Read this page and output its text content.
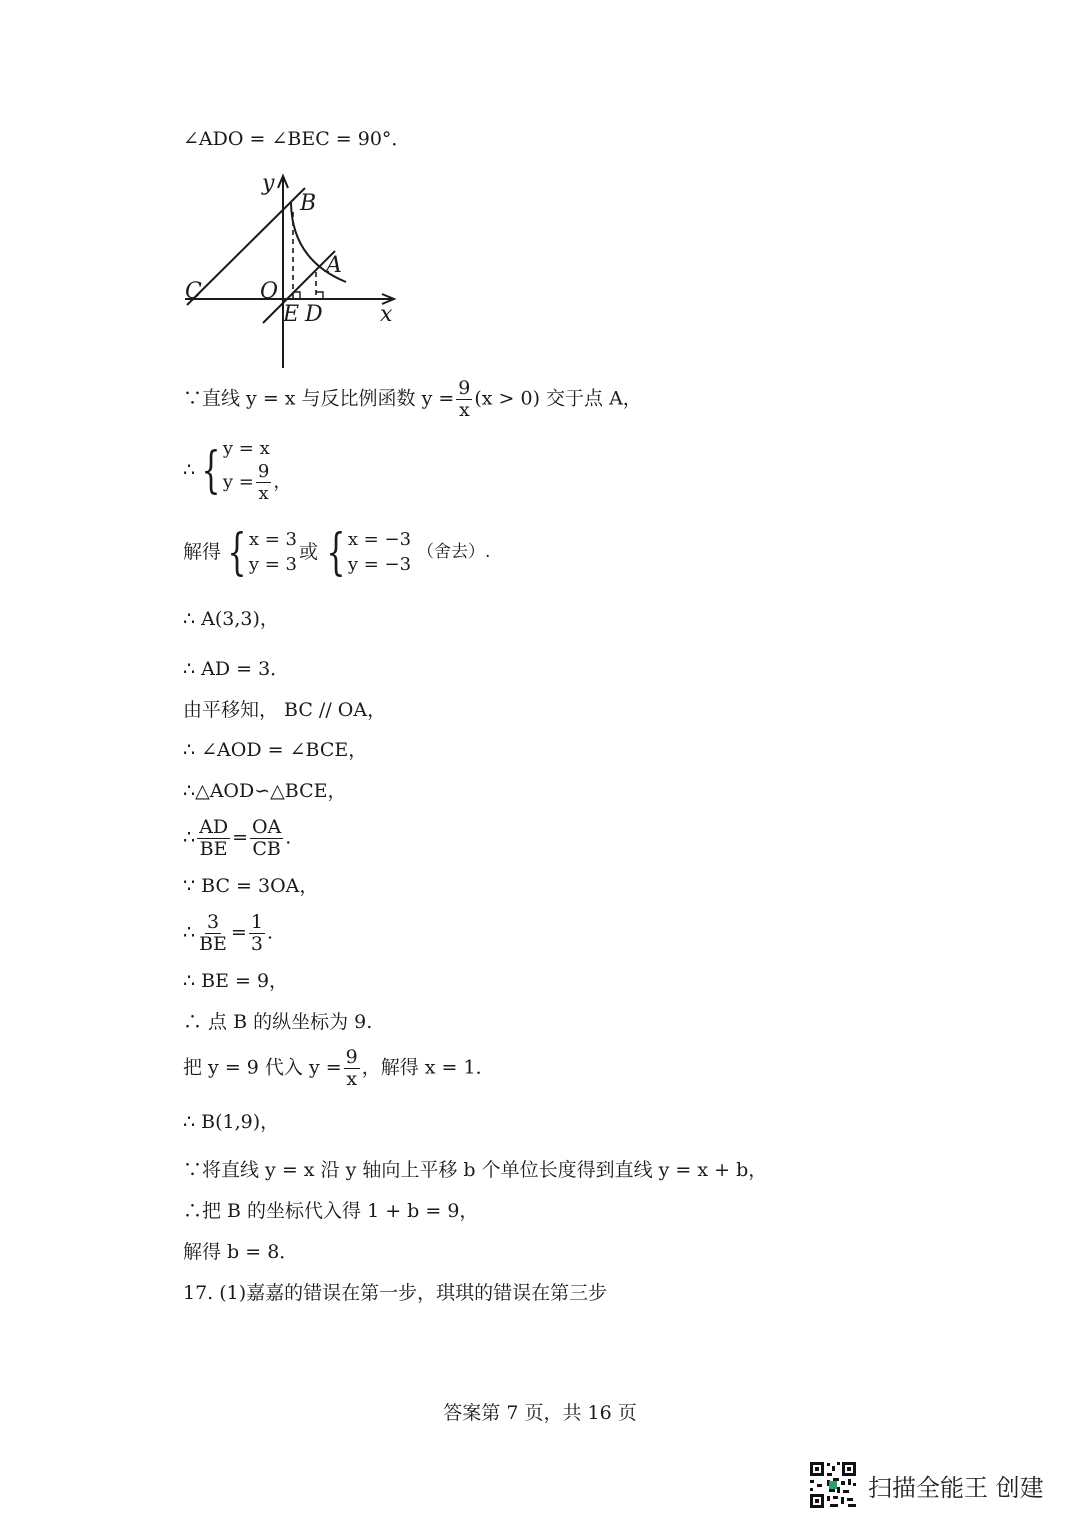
∠ADO = ∠BEC = 90°．
y
B
A
C	O
E D	x
∵直线 y = x 与反比例函数 $y = \frac{9}{x} (x > 0)$ 交于点 A，
∴ { y = x
$y = \frac{9}{x}$ ，
解得 { x = 3
y = 3
或 { x = −3
y = −3
（舍去）.
∴ A(3,3)，
∴ AD = 3．
由平移知， BC // OA，
∴ ∠AOD = ∠BCE，
∴△AOD∽△BCE，
∴ $\frac{AD}{BE} = \frac{OA}{CB}$ .
∵ BC = 3OA，
∴ $\frac{3}{BE} = \frac{1}{3}$ .
∴ BE = 9，
∴ 点 B 的纵坐标为 9.
把 y = 9 代入 $y = \frac{9}{x}$ ，解得 x = 1．
∴ B(1,9)，
∵将直线 y = x 沿 y 轴向上平移 b 个单位长度得到直线 y = x + b，
∴把 B 的坐标代入得 1 + b = 9，
解得 b = 8．
17. (1)嘉嘉的错误在第一步，琪琪的错误在第三步
答案第 7 页，共 16 页
扫描全能王 创建
